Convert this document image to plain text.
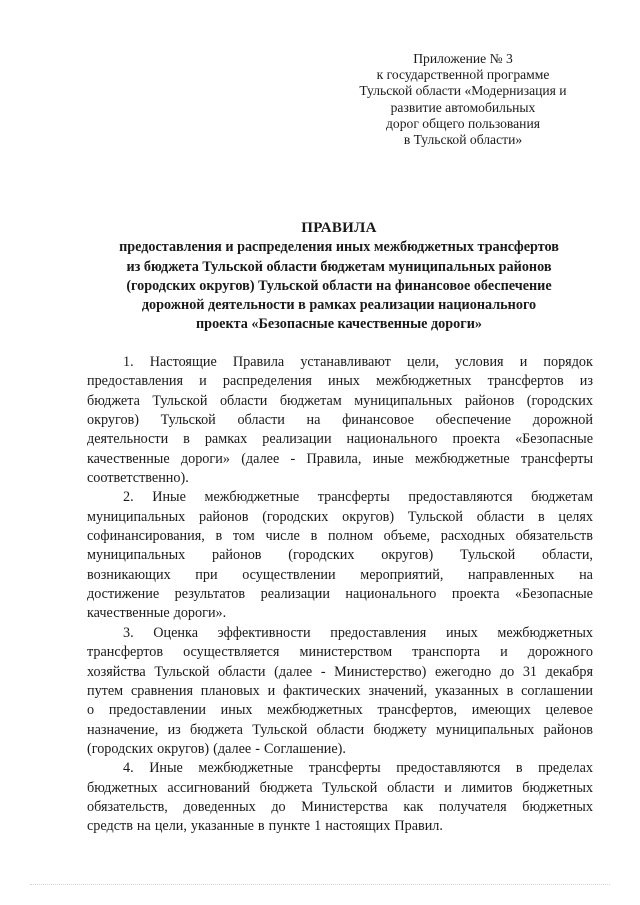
Приложение № 3
к государственной программе
Тульской области «Модернизация и
развитие автомобильных
дорог общего пользования
в Тульской области»
ПРАВИЛА
предоставления и распределения иных межбюджетных трансфертов
из бюджета Тульской области бюджетам муниципальных районов
(городских округов) Тульской области на финансовое обеспечение
дорожной деятельности в рамках реализации национального
проекта «Безопасные качественные дороги»
1. Настоящие Правила устанавливают цели, условия и порядок
предоставления и распределения иных межбюджетных трансфертов из
бюджета Тульской области бюджетам муниципальных районов (городских
округов) Тульской области на финансовое обеспечение дорожной
деятельности в рамках реализации национального проекта «Безопасные
качественные дороги» (далее - Правила, иные межбюджетные трансферты
соответственно).
2. Иные межбюджетные трансферты предоставляются бюджетам
муниципальных районов (городских округов) Тульской области в целях
софинансирования, в том числе в полном объеме, расходных обязательств
муниципальных районов (городских округов) Тульской области,
возникающих при осуществлении мероприятий, направленных на
достижение результатов реализации национального проекта «Безопасные
качественные дороги».
3. Оценка эффективности предоставления иных межбюджетных
трансфертов осуществляется министерством транспорта и дорожного
хозяйства Тульской области (далее - Министерство) ежегодно до 31 декабря
путем сравнения плановых и фактических значений, указанных в соглашении
о предоставлении иных межбюджетных трансфертов, имеющих целевое
назначение, из бюджета Тульской области бюджету муниципальных районов
(городских округов) (далее - Соглашение).
4. Иные межбюджетные трансферты предоставляются в пределах
бюджетных ассигнований бюджета Тульской области и лимитов бюджетных
обязательств, доведенных до Министерства как получателя бюджетных
средств на цели, указанные в пункте 1 настоящих Правил.
